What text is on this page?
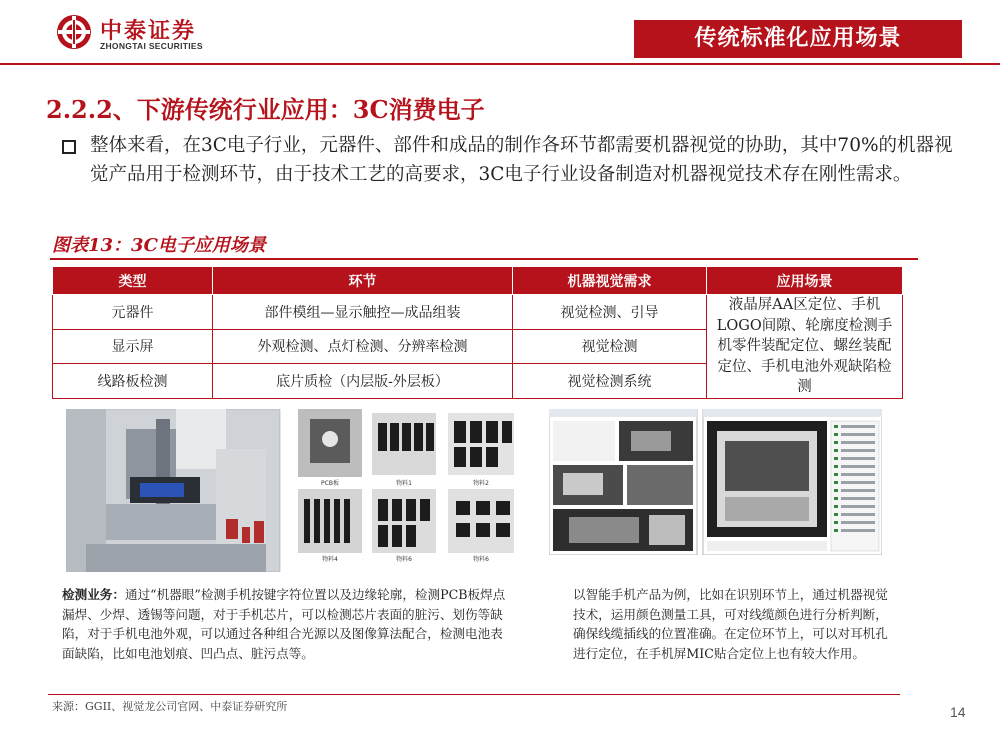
中泰证券
ZHONGTAI SECURITIES	传统标准化应用场景
2.2.2、下游传统行业应用：3C消费电子
整体来看，在3C电子行业，元器件、部件和成品的制作各环节都需要机器视觉的协助，其中70%的机器视觉产品用于检测环节，由于技术工艺的高要求，3C电子行业设备制造对机器视觉技术存在刚性需求。
图表13：3C电子应用场景
类型	环节	机器视觉需求	应用场景
元器件	部件模组—显示触控—成品组装	视觉检测、引导	液晶屏AA区定位、手机LOGO间隙、轮廓度检测手机零件装配定位、螺丝装配定位、手机电池外观缺陷检测
显示屏	外观检测、点灯检测、分辨率检测	视觉检测	
线路板检测	底片质检（内层版-外层板）	视觉检测系统	
PCB板	物料1	物料2
物料4	物料6	物料6
检测业务：通过“机器眼”检测手机按键字符位置以及边缘轮廓，检测PCB板焊点漏焊、少焊、透锡等问题，对于手机芯片，可以检测芯片表面的脏污、划伤等缺陷，对于手机电池外观，可以通过各种组合光源以及图像算法配合，检测电池表面缺陷，比如电池划痕、凹凸点、脏污点等。
以智能手机产品为例，比如在识别环节上，通过机器视觉技术，运用颜色测量工具，可对线缆颜色进行分析判断，确保线缆插线的位置准确。在定位环节上，可以对耳机孔进行定位，在手机屏MIC贴合定位上也有较大作用。
来源：GGII、视觉龙公司官网、中泰证券研究所	14
